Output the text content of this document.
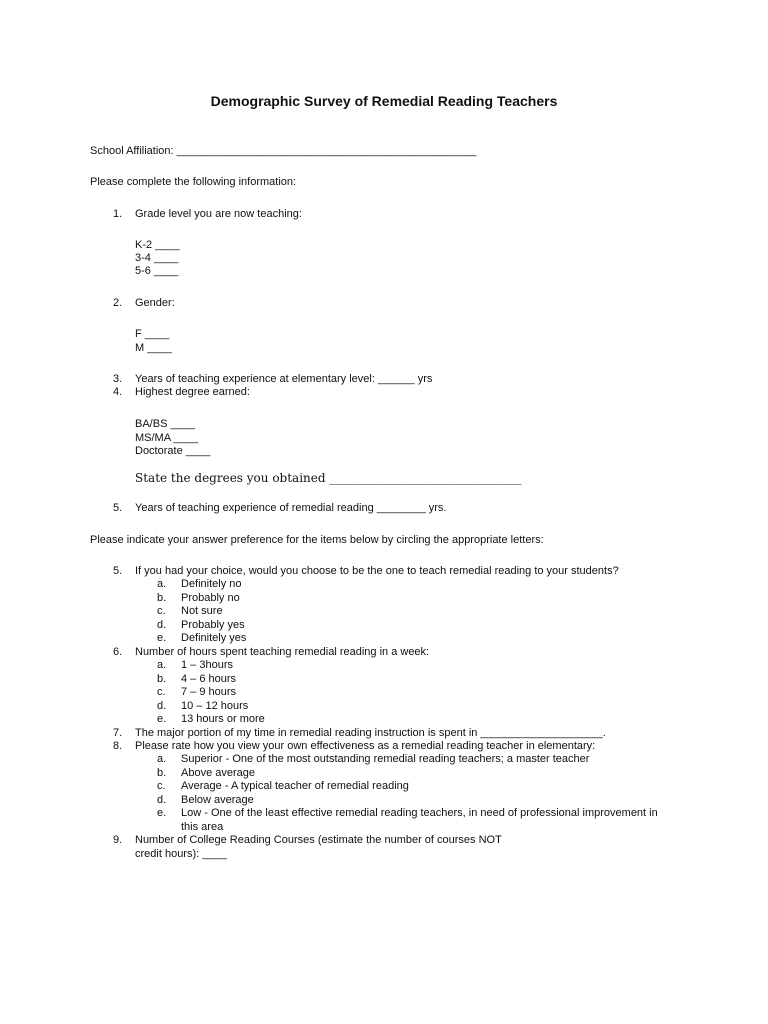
Demographic Survey of Remedial Reading Teachers
School Affiliation: _________________________________________________
Please complete the following information:
1. Grade level you are now teaching:
K-2 ____
3-4 ____
5-6 ____
2. Gender:
F ____
M ____
3. Years of teaching experience at elementary level: ______ yrs
4. Highest degree earned:
BA/BS ____
MS/MA ____
Doctorate ____
State the degrees you obtained ________________________________
5. Years of teaching experience of remedial reading ________ yrs.
Please indicate your answer preference for the items below by circling the appropriate letters:
5. If you had your choice, would you choose to be the one to teach remedial reading to your students?
a. Definitely no
b. Probably no
c. Not sure
d. Probably yes
e. Definitely yes
6. Number of hours spent teaching remedial reading in a week:
a. 1 – 3hours
b. 4 – 6 hours
c. 7 – 9 hours
d. 10 – 12 hours
e. 13 hours or more
7. The major portion of my time in remedial reading instruction is spent in ____________________.
8. Please rate how you view your own effectiveness as a remedial reading teacher in elementary:
a. Superior - One of the most outstanding remedial reading teachers; a master teacher
b. Above average
c. Average - A typical teacher of remedial reading
d. Below average
e. Low - One of the least effective remedial reading teachers, in need of professional improvement in
this area
9. Number of College Reading Courses (estimate the number of courses NOT
credit hours): ____
